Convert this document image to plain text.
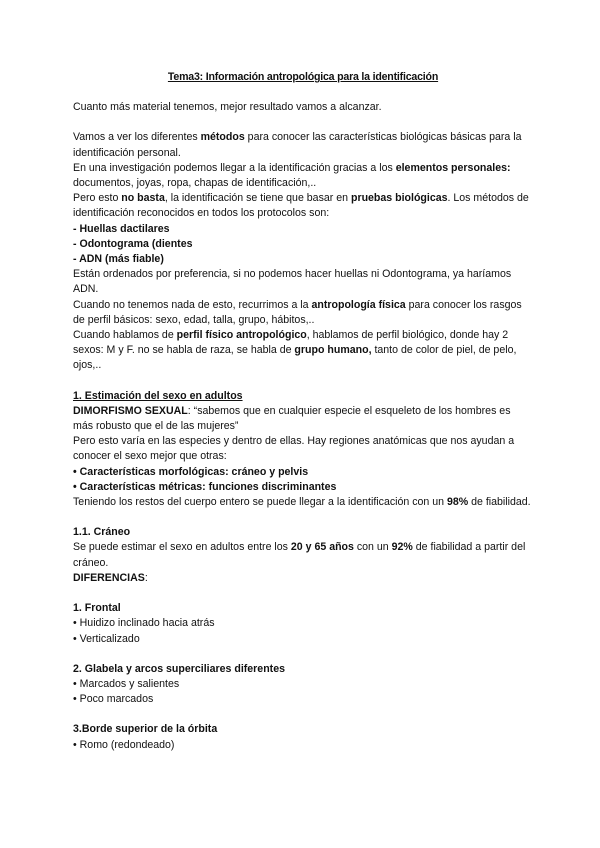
Tema3: Información antropológica para la identificación

Cuanto más material tenemos, mejor resultado vamos a alcanzar.

Vamos a ver los diferentes métodos para conocer las características biológicas básicas para la identificación personal.

En una investigación podemos llegar a la identificación gracias a los elementos personales: documentos, joyas, ropa, chapas de identificación,..

Pero esto no basta, la identificación se tiene que basar en pruebas biológicas. Los métodos de identificación reconocidos en todos los protocolos son:

- Huellas dactilares

- Odontograma (dientes

- ADN (más fiable)

Están ordenados por preferencia, si no podemos hacer huellas ni Odontograma, ya haríamos ADN.

Cuando no tenemos nada de esto, recurrimos a la antropología física para conocer los rasgos de perfil básicos: sexo, edad, talla, grupo, hábitos,..

Cuando hablamos de perfil físico antropológico, hablamos de perfil biológico, donde hay 2 sexos: M y F. no se habla de raza, se habla de grupo humano, tanto de color de piel, de pelo, ojos,..

1. Estimación del sexo en adultos

DIMORFISMO SEXUAL: “sabemos que en cualquier especie el esqueleto de los hombres es más robusto que el de las mujeres”

Pero esto varía en las especies y dentro de ellas. Hay regiones anatómicas que nos ayudan a conocer el sexo mejor que otras:

• Características morfológicas: cráneo y pelvis

• Características métricas: funciones discriminantes

Teniendo los restos del cuerpo entero se puede llegar a la identificación con un 98% de fiabilidad.

1.1. Cráneo

Se puede estimar el sexo en adultos entre los 20 y 65 años con un 92% de fiabilidad a partir del cráneo.

DIFERENCIAS:

1. Frontal

• Huidizo inclinado hacia atrás

• Verticalizado

2. Glabela y arcos superciliares diferentes

• Marcados y salientes

• Poco marcados

3.Borde superior de la órbita

• Romo (redondeado)
